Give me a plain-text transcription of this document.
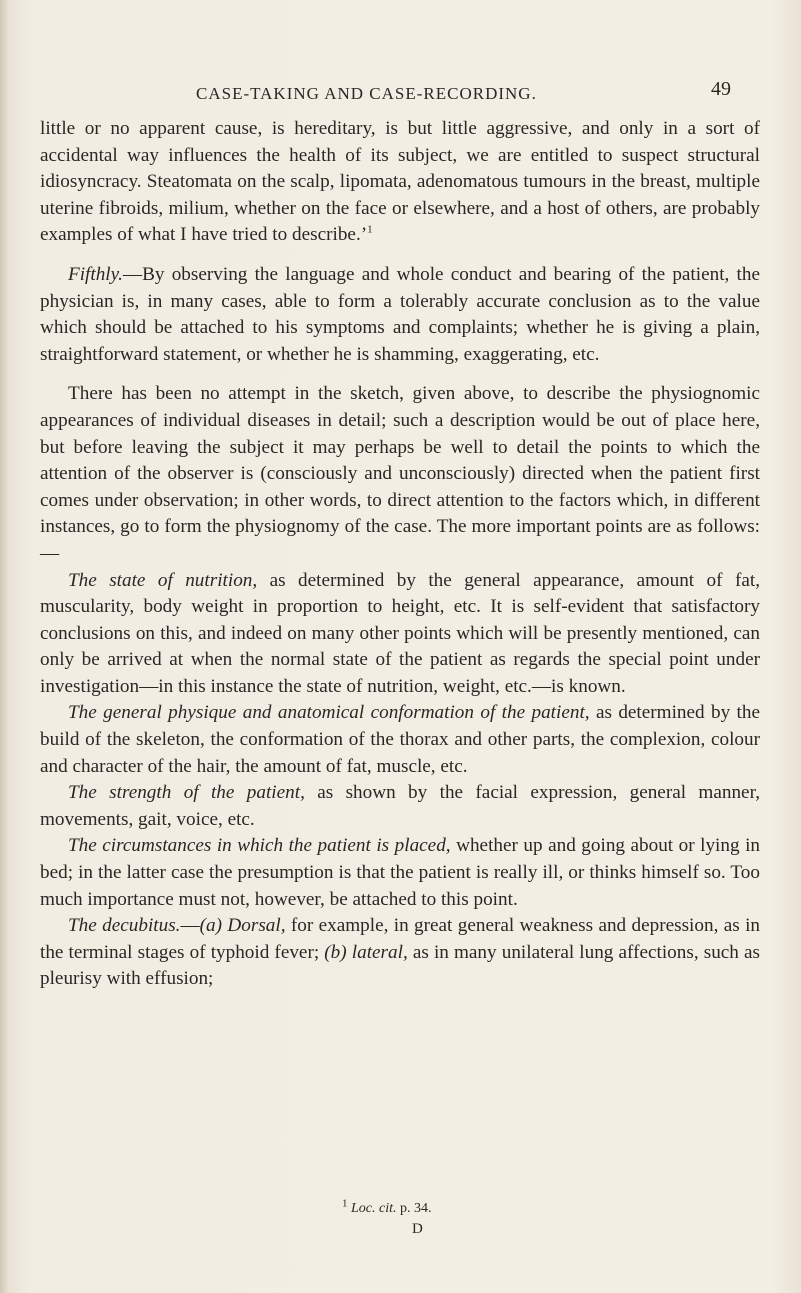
CASE-TAKING AND CASE-RECORDING.	49

little or no apparent cause, is hereditary, is but little aggressive, and only in a sort of accidental way influences the health of its subject, we are entitled to suspect structural idiosyncracy. Steatomata on the scalp, lipomata, adenomatous tumours in the breast, multiple uterine fibroids, milium, whether on the face or elsewhere, and a host of others, are probably examples of what I have tried to describe.’$^1$

Fifthly.—By observing the language and whole conduct and bearing of the patient, the physician is, in many cases, able to form a tolerably accurate conclusion as to the value which should be attached to his symptoms and complaints; whether he is giving a plain, straightforward statement, or whether he is shamming, exaggerating, etc.

There has been no attempt in the sketch, given above, to describe the physiognomic appearances of individual diseases in detail; such a description would be out of place here, but before leaving the subject it may perhaps be well to detail the points to which the attention of the observer is (consciously and unconsciously) directed when the patient first comes under observation; in other words, to direct attention to the factors which, in different instances, go to form the physiognomy of the case. The more important points are as follows:—

The state of nutrition, as determined by the general appearance, amount of fat, muscularity, body weight in proportion to height, etc. It is self-evident that satisfactory conclusions on this, and indeed on many other points which will be presently mentioned, can only be arrived at when the normal state of the patient as regards the special point under investigation—in this instance the state of nutrition, weight, etc.—is known.

The general physique and anatomical conformation of the patient, as determined by the build of the skeleton, the conformation of the thorax and other parts, the complexion, colour and character of the hair, the amount of fat, muscle, etc.

The strength of the patient, as shown by the facial expression, general manner, movements, gait, voice, etc.

The circumstances in which the patient is placed, whether up and going about or lying in bed; in the latter case the presumption is that the patient is really ill, or thinks himself so. Too much importance must not, however, be attached to this point.

The decubitus.—(a) Dorsal, for example, in great general weakness and depression, as in the terminal stages of typhoid fever; (b) lateral, as in many unilateral lung affections, such as pleurisy with effusion;

$^1$ Loc. cit. p. 34.
D
